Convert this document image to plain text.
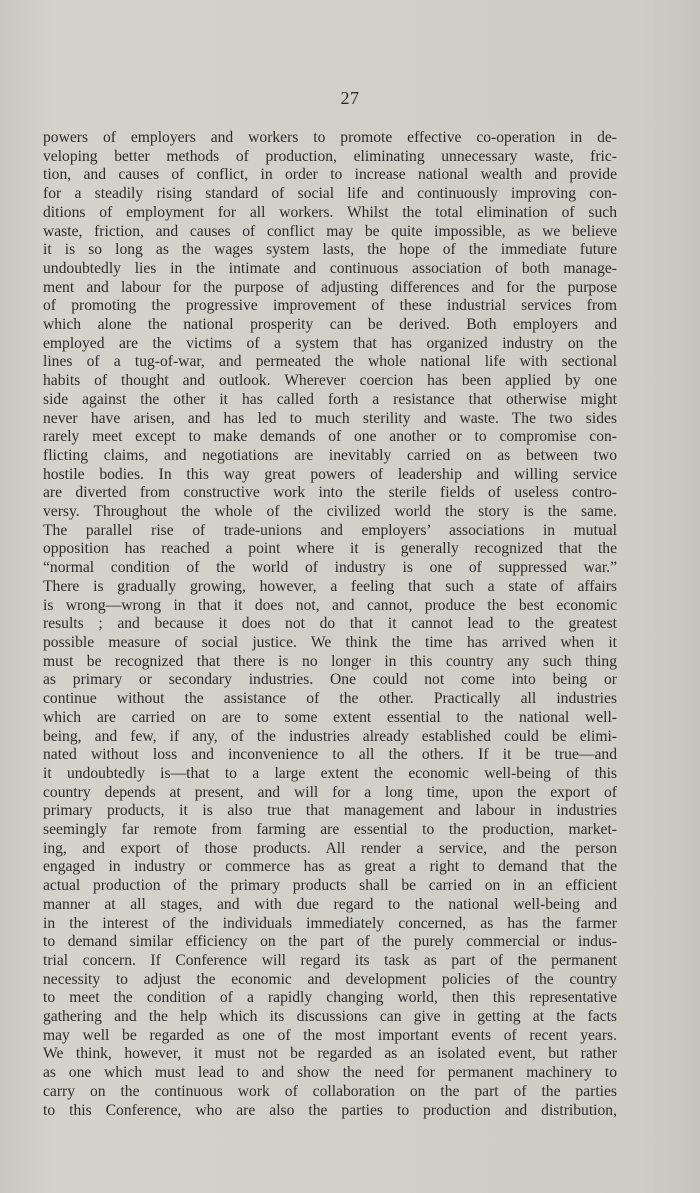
27
powers of employers and workers to promote effective co-operation in de-
veloping better methods of production, eliminating unnecessary waste, fric-
tion, and causes of conflict, in order to increase national wealth and provide
for a steadily rising standard of social life and continuously improving con-
ditions of employment for all workers. Whilst the total elimination of such
waste, friction, and causes of conflict may be quite impossible, as we believe
it is so long as the wages system lasts, the hope of the immediate future
undoubtedly lies in the intimate and continuous association of both manage-
ment and labour for the purpose of adjusting differences and for the purpose
of promoting the progressive improvement of these industrial services from
which alone the national prosperity can be derived. Both employers and
employed are the victims of a system that has organized industry on the
lines of a tug-of-war, and permeated the whole national life with sectional
habits of thought and outlook. Wherever coercion has been applied by one
side against the other it has called forth a resistance that otherwise might
never have arisen, and has led to much sterility and waste. The two sides
rarely meet except to make demands of one another or to compromise con-
flicting claims, and negotiations are inevitably carried on as between two
hostile bodies. In this way great powers of leadership and willing service
are diverted from constructive work into the sterile fields of useless contro-
versy. Throughout the whole of the civilized world the story is the same.
The parallel rise of trade-unions and employers’ associations in mutual
opposition has reached a point where it is generally recognized that the
“normal condition of the world of industry is one of suppressed war.”
There is gradually growing, however, a feeling that such a state of affairs
is wrong—wrong in that it does not, and cannot, produce the best economic
results ; and because it does not do that it cannot lead to the greatest
possible measure of social justice. We think the time has arrived when it
must be recognized that there is no longer in this country any such thing
as primary or secondary industries. One could not come into being or
continue without the assistance of the other. Practically all industries
which are carried on are to some extent essential to the national well-
being, and few, if any, of the industries already established could be elimi-
nated without loss and inconvenience to all the others. If it be true—and
it undoubtedly is—that to a large extent the economic well-being of this
country depends at present, and will for a long time, upon the export of
primary products, it is also true that management and labour in industries
seemingly far remote from farming are essential to the production, market-
ing, and export of those products. All render a service, and the person
engaged in industry or commerce has as great a right to demand that the
actual production of the primary products shall be carried on in an efficient
manner at all stages, and with due regard to the national well-being and
in the interest of the individuals immediately concerned, as has the farmer
to demand similar efficiency on the part of the purely commercial or indus-
trial concern. If Conference will regard its task as part of the permanent
necessity to adjust the economic and development policies of the country
to meet the condition of a rapidly changing world, then this representative
gathering and the help which its discussions can give in getting at the facts
may well be regarded as one of the most important events of recent years.
We think, however, it must not be regarded as an isolated event, but rather
as one which must lead to and show the need for permanent machinery to
carry on the continuous work of collaboration on the part of the parties
to this Conference, who are also the parties to production and distribution,
